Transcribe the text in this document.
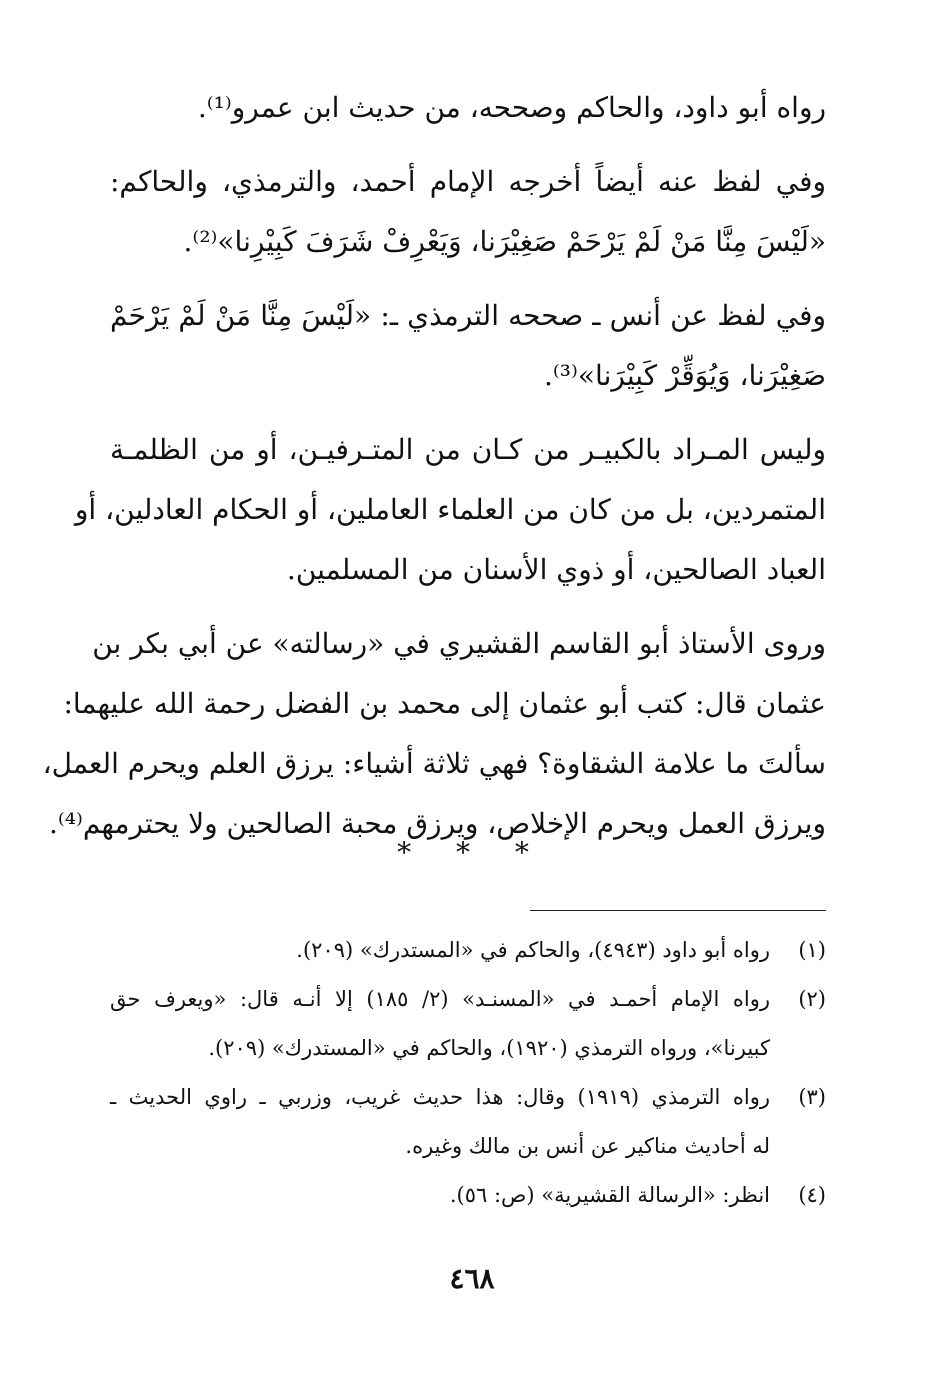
رواه أبو داود، والحاكم وصححه، من حديث ابن عمرو⁽¹⁾.
وفي لفظ عنه أيضاً أخرجه الإمام أحمد، والترمذي، والحاكم:
«لَيْسَ مِنَّا مَنْ لَمْ يَرْحَمْ صَغِيْرَنا، وَيَعْرِفْ شَرَفَ كَبِيْرِنا»⁽²⁾.
وفي لفظ عن أنس ـ صححه الترمذي ـ: «لَيْسَ مِنَّا مَنْ لَمْ يَرْحَمْ
صَغِيْرَنا، وَيُوَقِّرْ كَبِيْرَنا»⁽³⁾.
وليس المـراد بالكبيـر من كـان من المتـرفيـن، أو من الظلمـة
المتمردين، بل من كان من العلماء العاملين، أو الحكام العادلين، أو
العباد الصالحين، أو ذوي الأسنان من المسلمين.
وروى الأستاذ أبو القاسم القشيري في «رسالته» عن أبي بكر بن
عثمان قال: كتب أبو عثمان إلى محمد بن الفضل رحمة الله عليهما:
سألتَ ما علامة الشقاوة؟ فهي ثلاثة أشياء: يرزق العلم ويحرم العمل،
ويرزق العمل ويحرم الإخلاص، ويرزق محبة الصالحين ولا يحترمهم⁽⁴⁾.
* * *
(١)رواه أبو داود (٤٩٤٣)، والحاكم في «المستدرك» (٢٠٩).
(٢)رواه الإمام أحمـد في «المسنـد» (٢/ ١٨٥) إلا أنـه قال: «ويعرف حق
كبيرنا»، ورواه الترمذي (١٩٢٠)، والحاكم في «المستدرك» (٢٠٩).
(٣)رواه الترمذي (١٩١٩) وقال: هذا حديث غريب، وزربي ـ راوي الحديث ـ
له أحاديث مناكير عن أنس بن مالك وغيره.
(٤)انظر: «الرسالة القشيرية» (ص: ٥٦).
٤٦٨
